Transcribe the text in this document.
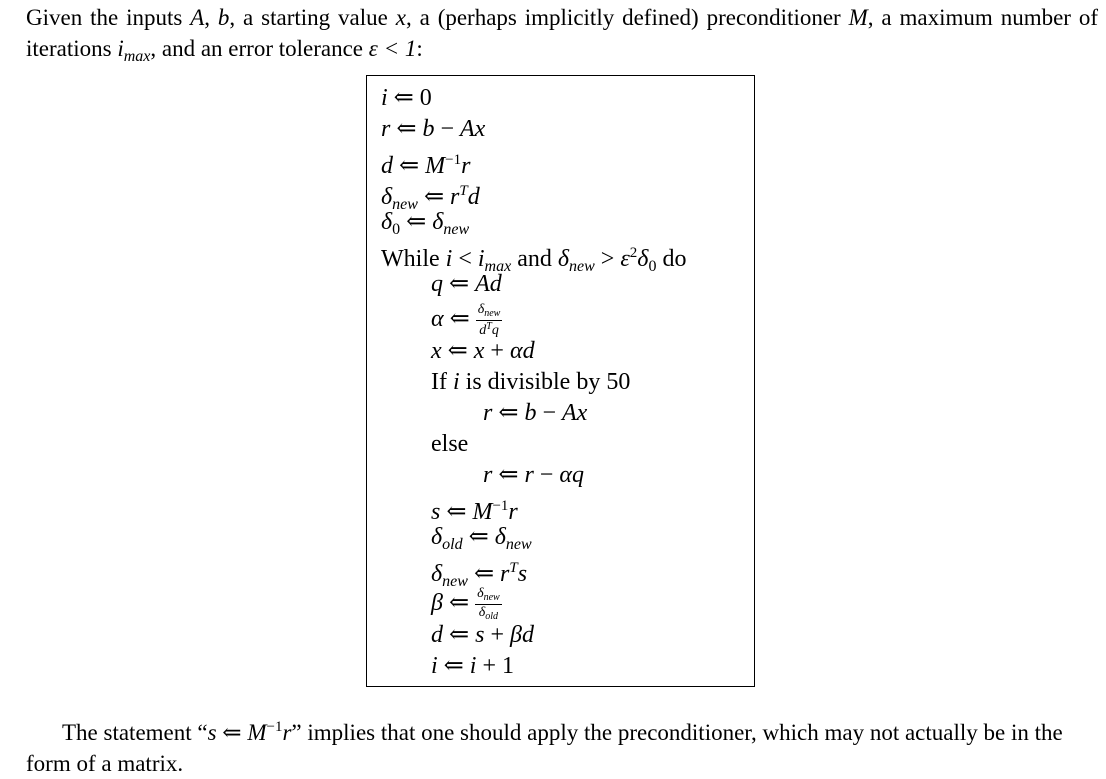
Given the inputs A, b, a starting value x, a (perhaps implicitly defined) preconditioner M, a maximum number of iterations $i_{max}$, and an error tolerance ε < 1:
i ⇐ 0
r ⇐ b − Ax
d ⇐ $M^{-1}r$
$\delta_{new}$ ⇐ $r^Td$
$\delta_0$ ⇐ $\delta_{new}$
While $i < i_{max}$ and $\delta_{new} > \varepsilon^2\delta_0$ do
q ⇐ Ad
α ⇐ $\frac{\delta_{new}}{d^Tq}$
x ⇐ x + αd
If i is divisible by 50
r ⇐ b − Ax
else
r ⇐ r − αq
s ⇐ $M^{-1}r$
$\delta_{old}$ ⇐ $\delta_{new}$
$\delta_{new}$ ⇐ $r^Ts$
β ⇐ $\frac{\delta_{new}}{\delta_{old}}$
d ⇐ s + βd
i ⇐ i + 1
The statement “s ⇐ $M^{-1}r$” implies that one should apply the preconditioner, which may not actually be in the form of a matrix.
